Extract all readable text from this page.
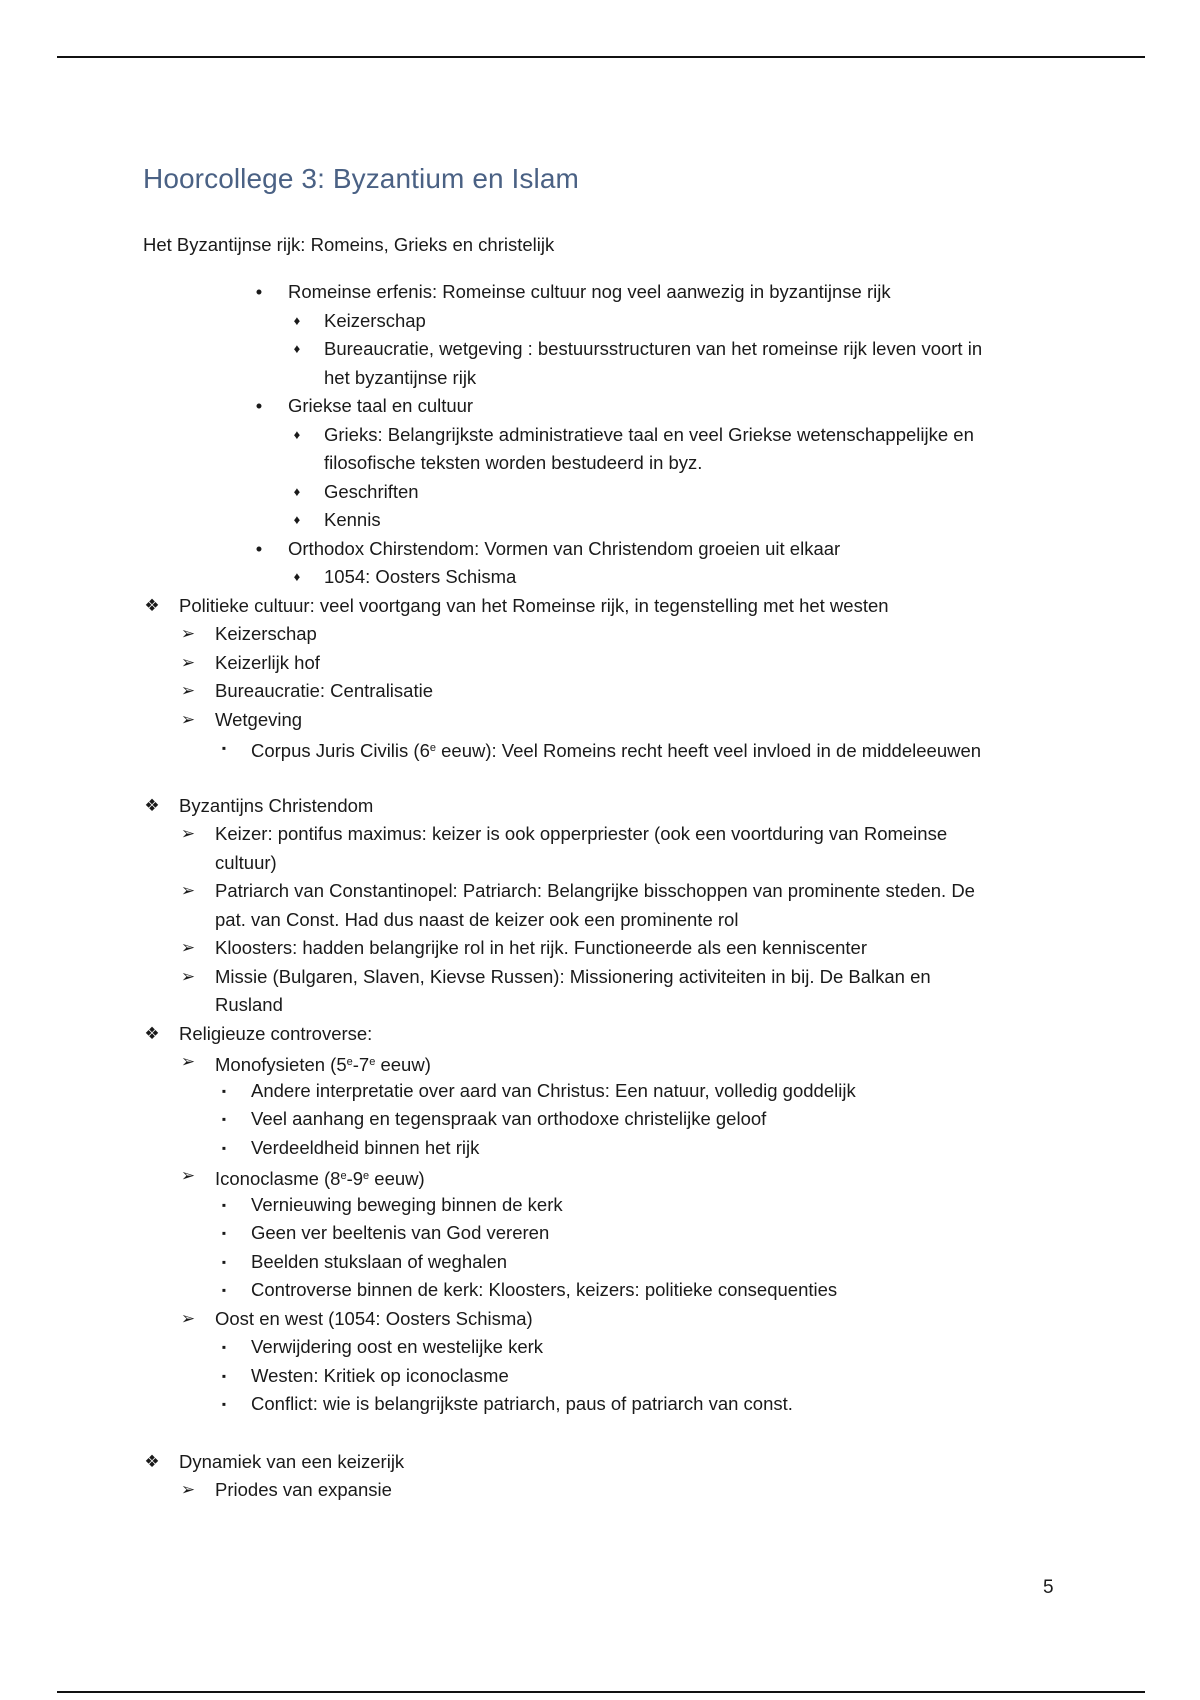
Hoorcollege 3: Byzantium en Islam
Het Byzantijnse rijk: Romeins, Grieks en christelijk
•	Romeinse erfenis: Romeinse cultuur nog veel aanwezig in byzantijnse rijk
♦	Keizerschap
♦	Bureaucratie, wetgeving : bestuursstructuren van het romeinse rijk leven voort in
het byzantijnse rijk
•	Griekse taal en cultuur
♦	Grieks: Belangrijkste administratieve taal en veel Griekse wetenschappelijke en
filosofische teksten worden bestudeerd in byz.
♦	Geschriften
♦	Kennis
•	Orthodox Chirstendom: Vormen van Christendom groeien uit elkaar
♦	1054: Oosters Schisma
❖ Politieke cultuur: veel voortgang van het Romeinse rijk, in tegenstelling met het westen
➢ Keizerschap
➢ Keizerlijk hof
➢ Bureaucratie: Centralisatie
➢ Wetgeving
▪	Corpus Juris Civilis (6e eeuw): Veel Romeins recht heeft veel invloed in de middeleeuwen
❖ Byzantijns Christendom
➢ Keizer: pontifus maximus: keizer is ook opperpriester (ook een voortduring van Romeinse
cultuur)
➢ Patriarch van Constantinopel: Patriarch: Belangrijke bisschoppen van prominente steden. De
pat. van Const. Had dus naast de keizer ook een prominente rol
➢ Kloosters: hadden belangrijke rol in het rijk. Functioneerde als een kenniscenter
➢ Missie (Bulgaren, Slaven, Kievse Russen): Missionering activiteiten in bij. De Balkan en
Rusland
❖ Religieuze controverse:
➢ Monofysieten (5e-7e eeuw)
▪	Andere interpretatie over aard van Christus: Een natuur, volledig goddelijk
▪	Veel aanhang en tegenspraak van orthodoxe christelijke geloof
▪	Verdeeldheid binnen het rijk
➢ Iconoclasme (8e-9e eeuw)
▪	Vernieuwing beweging binnen de kerk
▪	Geen ver beeltenis van God vereren
▪	Beelden stukslaan of weghalen
▪	Controverse binnen de kerk: Kloosters, keizers: politieke consequenties
➢ Oost en west (1054: Oosters Schisma)
▪	Verwijdering oost en westelijke kerk
▪	Westen: Kritiek op iconoclasme
▪	Conflict: wie is belangrijkste patriarch, paus of patriarch van const.
❖ Dynamiek van een keizerijk
➢ Priodes van expansie
5
